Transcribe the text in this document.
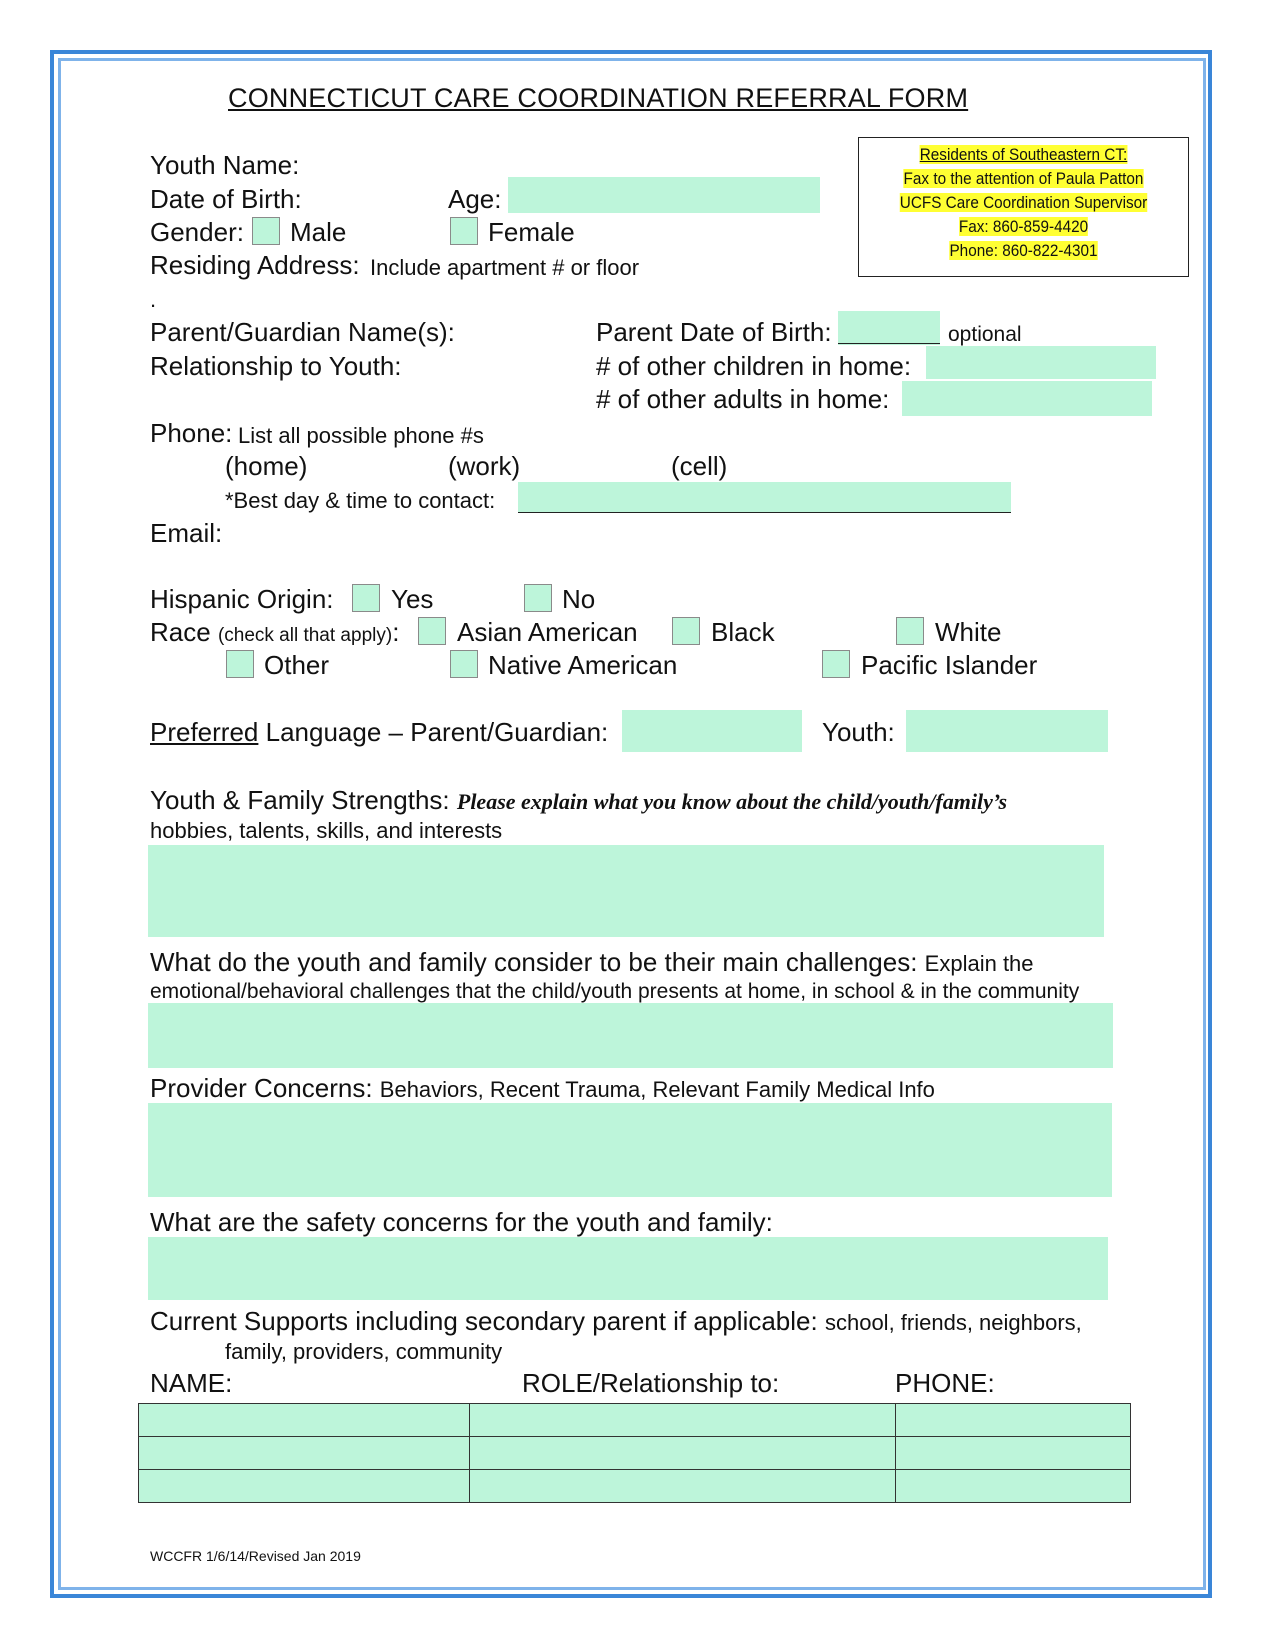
CONNECTICUT CARE COORDINATION REFERRAL FORM
Residents of Southeastern CT:
Fax to the attention of Paula Patton
UCFS Care Coordination Supervisor
Fax: 860-859-4420
Phone: 860-822-4301
Youth Name:
Date of Birth:	Age:
Gender: Male	Female
Residing Address: Include apartment # or floor
.
Parent/Guardian Name(s):	Parent Date of Birth:	optional
Relationship to Youth:	# of other children in home:
# of other adults in home:
Phone: List all possible phone #s
(home)	(work)	(cell)
*Best day & time to contact:
Email:
Hispanic Origin: Yes	No
Race (check all that apply): Asian American	Black	White
Other	Native American	Pacific Islander
Preferred Language – Parent/Guardian:	Youth:
Youth & Family Strengths: Please explain what you know about the child/youth/family’s
hobbies, talents, skills, and interests
What do the youth and family consider to be their main challenges: Explain the
emotional/behavioral challenges that the child/youth presents at home, in school & in the community
Provider Concerns: Behaviors, Recent Trauma, Relevant Family Medical Info
What are the safety concerns for the youth and family:
Current Supports including secondary parent if applicable: school, friends, neighbors,
family, providers, community
NAME:	ROLE/Relationship to:	PHONE:

WCCFR 1/6/14/Revised Jan 2019
